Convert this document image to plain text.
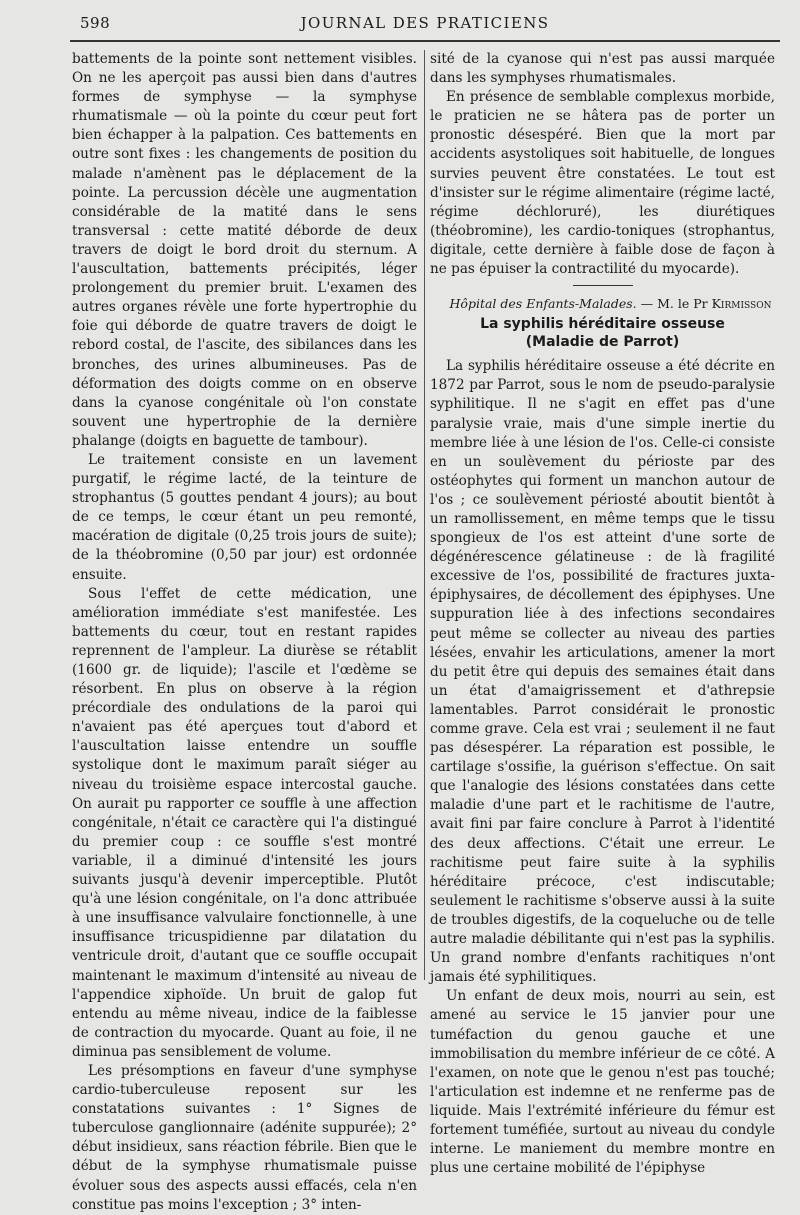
598	JOURNAL DES PRATICIENS

battements de la pointe sont nettement visibles. On ne les aperçoit pas aussi bien dans d'autres formes de symphyse — la symphyse rhumatismale — où la pointe du cœur peut fort bien échapper à la palpation. Ces battements en outre sont fixes : les changements de position du malade n'amènent pas le déplacement de la pointe. La percussion décèle une augmentation considérable de la matité dans le sens transversal : cette matité déborde de deux travers de doigt le bord droit du sternum. A l'auscultation, battements précipités, léger prolongement du premier bruit. L'examen des autres organes révèle une forte hypertrophie du foie qui déborde de quatre travers de doigt le rebord costal, de l'ascite, des sibilances dans les bronches, des urines albumineuses. Pas de déformation des doigts comme on en observe dans la cyanose congénitale où l'on constate souvent une hypertrophie de la dernière phalange (doigts en baguette de tambour).

Le traitement consiste en un lavement purgatif, le régime lacté, de la teinture de strophantus (5 gouttes pendant 4 jours); au bout de ce temps, le cœur étant un peu remonté, macération de digitale (0,25 trois jours de suite); de la théobromine (0,50 par jour) est ordonnée ensuite.

Sous l'effet de cette médication, une amélioration immédiate s'est manifestée. Les battements du cœur, tout en restant rapides reprennent de l'ampleur. La diurèse se rétablit (1600 gr. de liquide); l'ascile et l'œdème se résorbent. En plus on observe à la région précordiale des ondulations de la paroi qui n'avaient pas été aperçues tout d'abord et l'auscultation laisse entendre un souffle systolique dont le maximum paraît siéger au niveau du troisième espace intercostal gauche. On aurait pu rapporter ce souffle à une affection congénitale, n'était ce caractère qui l'a distingué du premier coup : ce souffle s'est montré variable, il a diminué d'intensité les jours suivants jusqu'à devenir imperceptible. Plutôt qu'à une lésion congénitale, on l'a donc attribuée à une insuffisance valvulaire fonctionnelle, à une insuffisance tricuspidienne par dilatation du ventricule droit, d'autant que ce souffle occupait maintenant le maximum d'intensité au niveau de l'appendice xiphoïde. Un bruit de galop fut entendu au même niveau, indice de la faiblesse de contraction du myocarde. Quant au foie, il ne diminua pas sensiblement de volume.

Les présomptions en faveur d'une symphyse cardio-tuberculeuse reposent sur les constatations suivantes : 1° Signes de tuberculose ganglionnaire (adénite suppurée); 2° début insidieux, sans réaction fébrile. Bien que le début de la symphyse rhumatismale puisse évoluer sous des aspects aussi effacés, cela n'en constitue pas moins l'exception ; 3° inten-

sité de la cyanose qui n'est pas aussi marquée dans les symphyses rhumatismales.

En présence de semblable complexus morbide, le praticien ne se hâtera pas de porter un pronostic désespéré. Bien que la mort par accidents asystoliques soit habituelle, de longues survies peuvent être constatées. Le tout est d'insister sur le régime alimentaire (régime lacté, régime déchloruré), les diurétiques (théobromine), les cardio-toniques (strophantus, digitale, cette dernière à faible dose de façon à ne pas épuiser la contractilité du myocarde).

Hôpital des Enfants-Malades. — M. le Pr Kirmisson

La syphilis héréditaire osseuse
(Maladie de Parrot)

La syphilis héréditaire osseuse a été décrite en 1872 par Parrot, sous le nom de pseudo-paralysie syphilitique. Il ne s'agit en effet pas d'une paralysie vraie, mais d'une simple inertie du membre liée à une lésion de l'os. Celle-ci consiste en un soulèvement du périoste par des ostéophytes qui forment un manchon autour de l'os ; ce soulèvement périosté aboutit bientôt à un ramollissement, en même temps que le tissu spongieux de l'os est atteint d'une sorte de dégénérescence gélatineuse : de là fragilité excessive de l'os, possibilité de fractures juxta-épiphysaires, de décollement des épiphyses. Une suppuration liée à des infections secondaires peut même se collecter au niveau des parties lésées, envahir les articulations, amener la mort du petit être qui depuis des semaines était dans un état d'amaigrissement et d'athrepsie lamentables. Parrot considérait le pronostic comme grave. Cela est vrai ; seulement il ne faut pas désespérer. La réparation est possible, le cartilage s'ossifie, la guérison s'effectue. On sait que l'analogie des lésions constatées dans cette maladie d'une part et le rachitisme de l'autre, avait fini par faire conclure à Parrot à l'identité des deux affections. C'était une erreur. Le rachitisme peut faire suite à la syphilis héréditaire précoce, c'est indiscutable; seulement le rachitisme s'observe aussi à la suite de troubles digestifs, de la coqueluche ou de telle autre maladie débilitante qui n'est pas la syphilis. Un grand nombre d'enfants rachitiques n'ont jamais été syphilitiques.

Un enfant de deux mois, nourri au sein, est amené au service le 15 janvier pour une tuméfaction du genou gauche et une immobilisation du membre inférieur de ce côté. A l'examen, on note que le genou n'est pas touché; l'articulation est indemne et ne renferme pas de liquide. Mais l'extrémité inférieure du fémur est fortement tuméfiée, surtout au niveau du condyle interne. Le maniement du membre montre en plus une certaine mobilité de l'épiphyse
